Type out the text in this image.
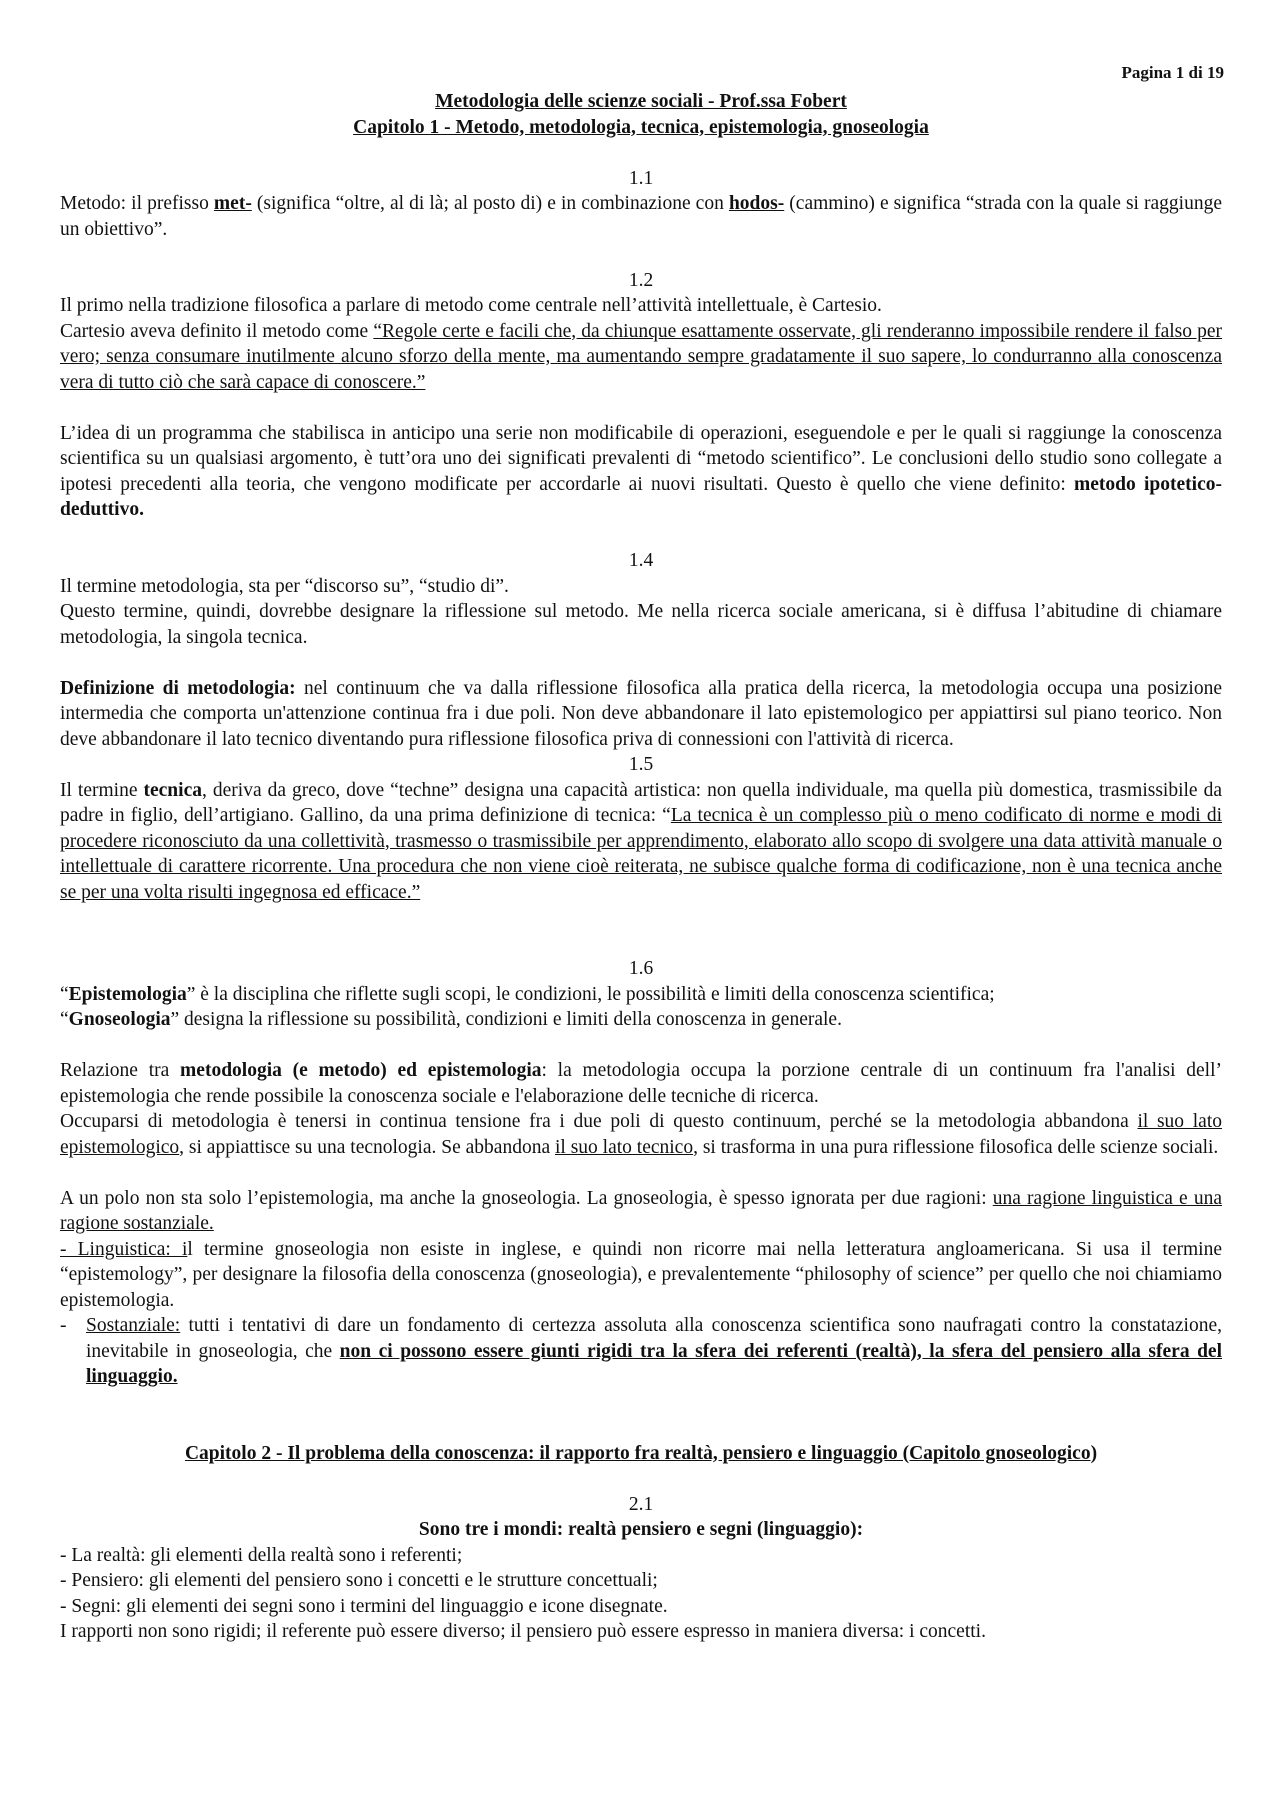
Pagina 1 di 19
Metodologia delle scienze sociali - Prof.ssa Fobert
Capitolo 1 - Metodo, metodologia, tecnica, epistemologia, gnoseologia
1.1

Metodo: il prefisso met- (significa “oltre, al di là; al posto di) e in combinazione con hodos- (cammino) e significa “strada con la quale si raggiunge un obiettivo”.

1.2

Il primo nella tradizione filosofica a parlare di metodo come centrale nell’attività intellettuale, è Cartesio.

Cartesio aveva definito il metodo come “Regole certe e facili che, da chiunque esattamente osservate, gli renderanno impossibile rendere il falso per vero; senza consumare inutilmente alcuno sforzo della mente, ma aumentando sempre gradatamente il suo sapere, lo condurranno alla conoscenza vera di tutto ciò che sarà capace di conoscere.”

L’idea di un programma che stabilisca in anticipo una serie non modificabile di operazioni, eseguendole e per le quali si raggiunge la conoscenza scientifica su un qualsiasi argomento, è tutt’ora uno dei significati prevalenti di “metodo scientifico”. Le conclusioni dello studio sono collegate a ipotesi precedenti alla teoria, che vengono modificate per accordarle ai nuovi risultati. Questo è quello che viene definito: metodo ipotetico-deduttivo.

1.4

Il termine metodologia, sta per “discorso su”, “studio di”.

Questo termine, quindi, dovrebbe designare la riflessione sul metodo. Me nella ricerca sociale americana, si è diffusa l’abitudine di chiamare metodologia, la singola tecnica.

Definizione di metodologia: nel continuum che va dalla riflessione filosofica alla pratica della ricerca, la metodologia occupa una posizione intermedia che comporta un'attenzione continua fra i due poli. Non deve abbandonare il lato epistemologico per appiattirsi sul piano teorico. Non deve abbandonare il lato tecnico diventando pura riflessione filosofica priva di connessioni con l'attività di ricerca.

1.5

Il termine tecnica, deriva da greco, dove “techne” designa una capacità artistica: non quella individuale, ma quella più domestica, trasmissibile da padre in figlio, dell’artigiano. Gallino, da una prima definizione di tecnica: “La tecnica è un complesso più o meno codificato di norme e modi di procedere riconosciuto da una collettività, trasmesso o trasmissibile per apprendimento, elaborato allo scopo di svolgere una data attività manuale o intellettuale di carattere ricorrente. Una procedura che non viene cioè reiterata, ne subisce qualche forma di codificazione, non è una tecnica anche se per una volta risulti ingegnosa ed efficace.”

1.6

“Epistemologia” è la disciplina che riflette sugli scopi, le condizioni, le possibilità e limiti della conoscenza scientifica;

“Gnoseologia” designa la riflessione su possibilità, condizioni e limiti della conoscenza in generale.

Relazione tra metodologia (e metodo) ed epistemologia: la metodologia occupa la porzione centrale di un continuum fra l'analisi dell’ epistemologia che rende possibile la conoscenza sociale e l'elaborazione delle tecniche di ricerca.

Occuparsi di metodologia è tenersi in continua tensione fra i due poli di questo continuum, perché se la metodologia abbandona il suo lato epistemologico, si appiattisce su una tecnologia. Se abbandona il suo lato tecnico, si trasforma in una pura riflessione filosofica delle scienze sociali.

A un polo non sta solo l’epistemologia, ma anche la gnoseologia. La gnoseologia, è spesso ignorata per due ragioni: una ragione linguistica e una ragione sostanziale.

- Linguistica: il termine gnoseologia non esiste in inglese, e quindi non ricorre mai nella letteratura angloamericana. Si usa il termine “epistemology”, per designare la filosofia della conoscenza (gnoseologia), e prevalentemente “philosophy of science” per quello che noi chiamiamo epistemologia.

-	Sostanziale: tutti i tentativi di dare un fondamento di certezza assoluta alla conoscenza scientifica sono naufragati contro la constatazione, inevitabile in gnoseologia, che non ci possono essere giunti rigidi tra la sfera dei referenti (realtà), la sfera del pensiero alla sfera del linguaggio.
Capitolo 2 - Il problema della conoscenza: il rapporto fra realtà, pensiero e linguaggio (Capitolo gnoseologico)
2.1
Sono tre i mondi: realtà pensiero e segni (linguaggio):

- La realtà: gli elementi della realtà sono i referenti;

- Pensiero: gli elementi del pensiero sono i concetti e le strutture concettuali;

- Segni: gli elementi dei segni sono i termini del linguaggio e icone disegnate.

I rapporti non sono rigidi; il referente può essere diverso; il pensiero può essere espresso in maniera diversa: i concetti.
